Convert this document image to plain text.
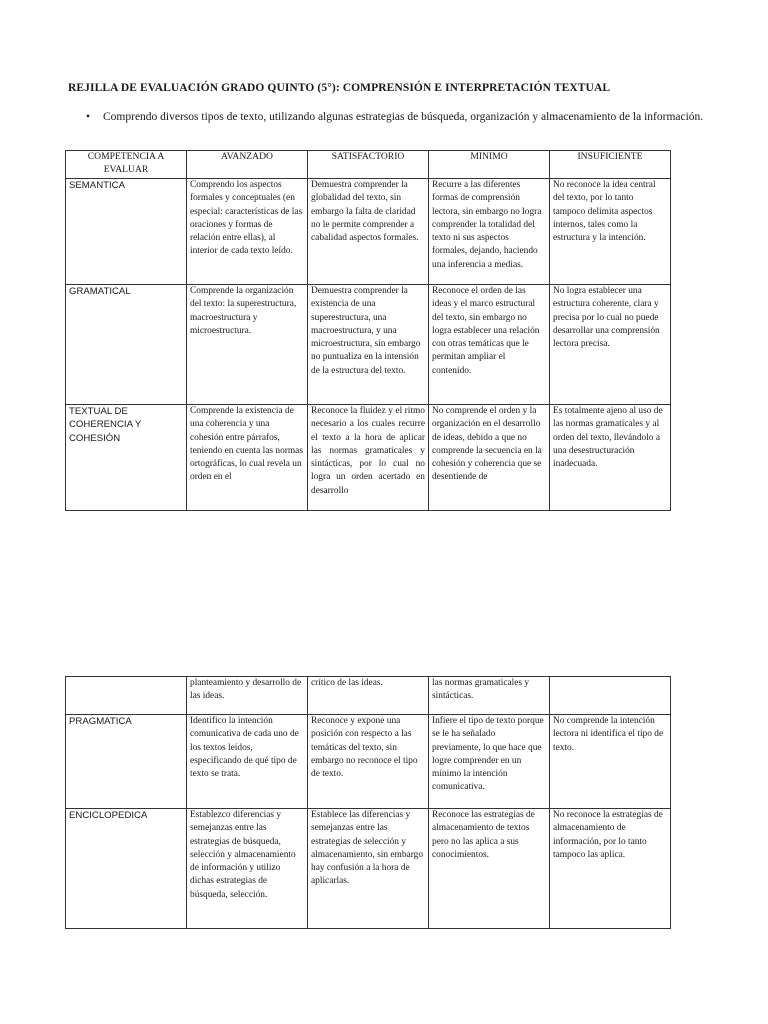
REJILLA DE EVALUACIÓN GRADO QUINTO (5°): COMPRENSIÓN E INTERPRETACIÓN TEXTUAL
• Comprendo diversos tipos de texto, utilizando algunas estrategias de búsqueda, organización y almacenamiento de la información.
COMPETENCIA A EVALUAR	AVANZADO	SATISFACTORIO	MINIMO	INSUFICIENTE
SEMANTICA	Comprendo los aspectos formales y conceptuales (en especial: características de las oraciones y formas de relación entre ellas), al interior de cada texto leído.	Demuestra comprender la globalidad del texto, sin embargo la falta de claridad no le permite comprender a cabalidad aspectos formales.	Recurre a las diferentes formas de comprensión lectora, sin embargo no logra comprender la totalidad del texto ni sus aspectos formales, dejando, haciendo una inferencia a medias.	No reconoce la idea central del texto, por lo tanto tampoco delimita aspectos internos, tales como la estructura y la intención.
GRAMATICAL	Comprende la organización del texto: la superestructura, macroestructura y microestructura.	Demuestra comprender la existencia de una superestructura, una macroestructura, y una microestructura, sin embargo no puntualiza en la intensión de la estructura del texto.	Reconoce el orden de las ideas y el marco estructural del texto, sin embargo no logra establecer una relación con otras temáticas que le permitan ampliar el contenido.	No logra establecer una estructura coherente, clara y precisa por lo cual no puede desarrollar una comprensión lectora precisa.
TEXTUAL DE COHERENCIA Y COHESIÓN	Comprende la existencia de una coherencia y una cohesión entre párrafos, teniendo en cuenta las normas ortográficas, lo cual revela un orden en el	Reconoce la fluidez y el ritmo necesario a los cuales recurre el texto a la hora de aplicar las normas gramaticales y sintácticas, por lo cual no logra un orden acertado en desarrollo	No comprende el orden y la organización en el desarrollo de ideas, debido a que no comprende la secuencia en la cohesión y coherencia que se desentiende de	Es totalmente ajeno al uso de las normas gramaticales y al orden del texto, llevándolo a una desestructuración inadecuada.
	planteamiento y desarrollo de las ideas.	crítico de las ideas.	las normas gramaticales y sintácticas.	
PRAGMATICA	Identifico la intención comunicativa de cada uno de los textos leídos, especificando de qué tipo de texto se trata.	Reconoce y expone una posición con respecto a las temáticas del texto, sin embargo no reconoce el tipo de texto.	Infiere el tipo de texto porque se le ha señalado previamente, lo que hace que logre comprender en un mínimo la intención comunicativa.	No comprende la intención lectora ni identifica el tipo de texto.
ENCICLOPEDICA	Establezco diferencias y semejanzas entre las estrategias de búsqueda, selección y almacenamiento de información y utilizo dichas estrategias de búsqueda, selección.	Establece las diferencias y semejanzas entre las estrategias de selección y almacenamiento, sin embargo hay confusión a la hora de aplicarlas.	Reconoce las estrategias de almacenamiento de textos pero no las aplica a sus conocimientos.	No reconoce la estrategias de almacenamiento de información, por lo tanto tampoco las aplica.
